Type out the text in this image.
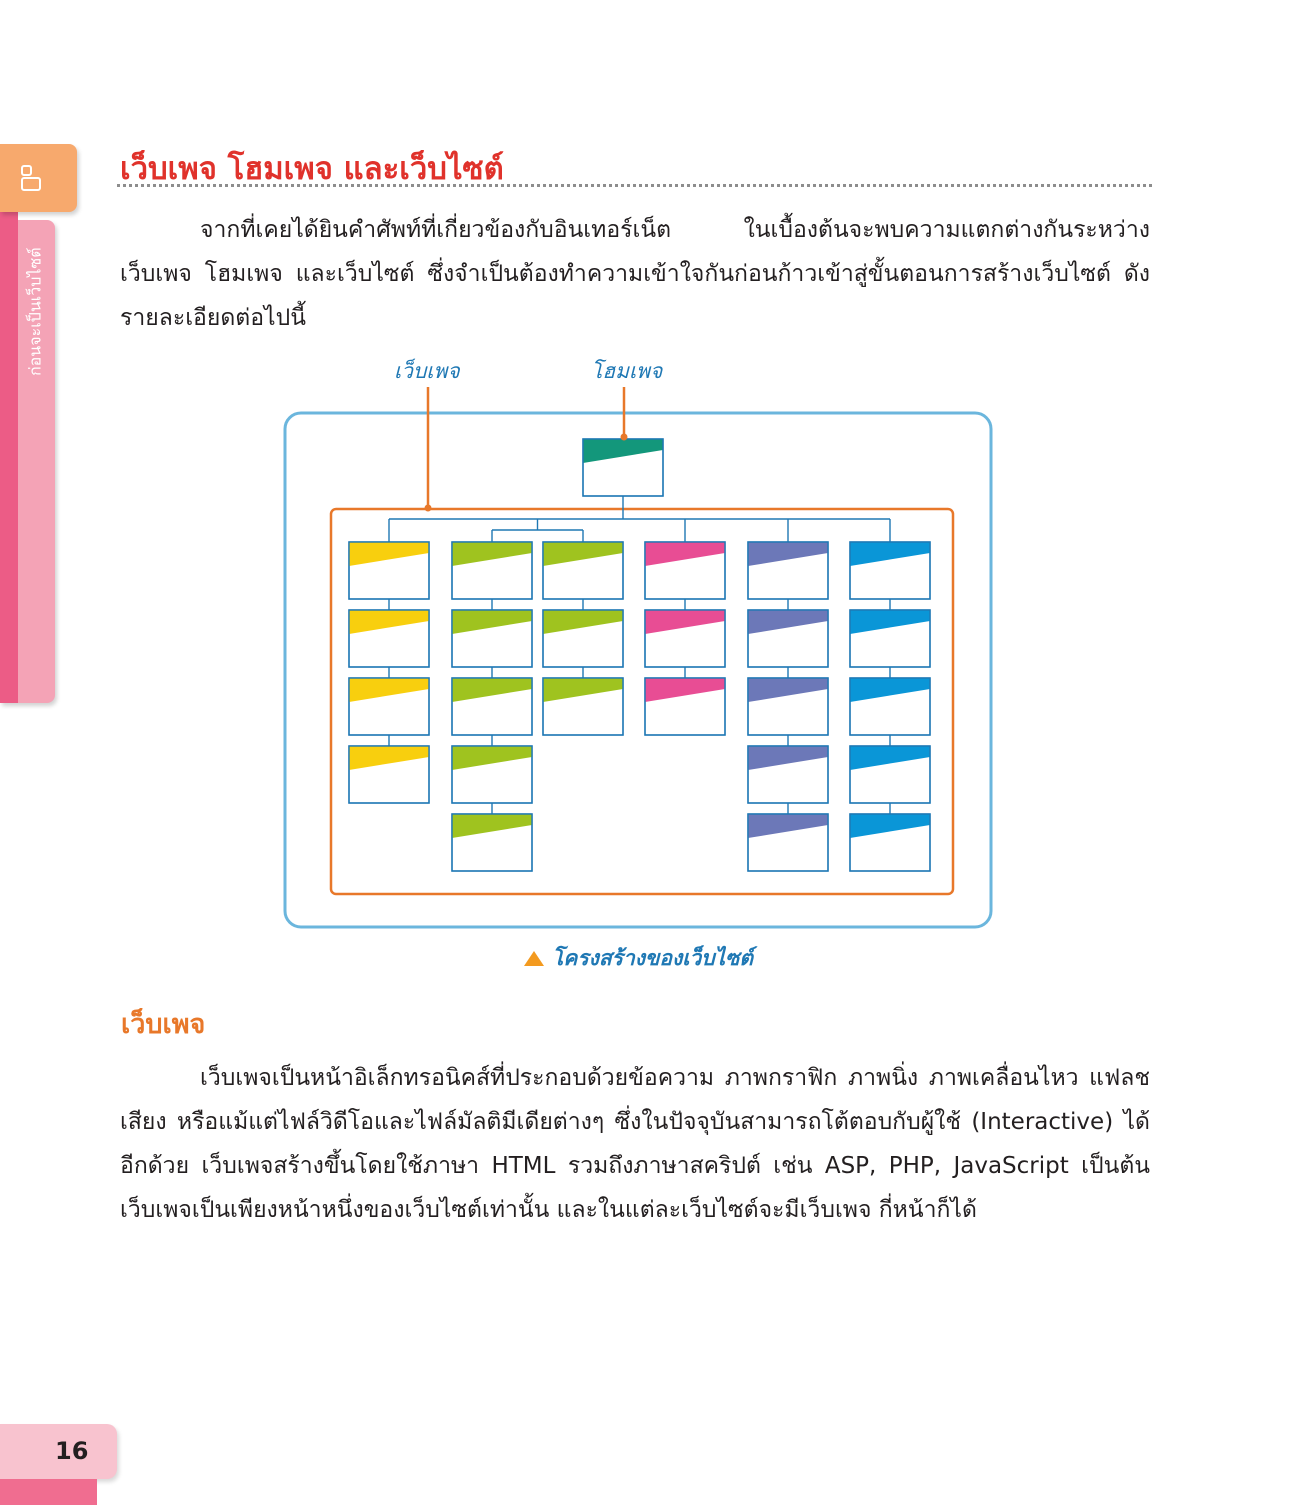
ก่อนจะเป็นเว็บไซต์
เว็บเพจ โฮมเพจ และเว็บไซต์
จากที่เคยได้ยินคำศัพท์ที่เกี่ยวข้องกับอินเทอร์เน็ต ในเบื้องต้นจะพบความแตกต่างกันระหว่าง เว็บเพจ โฮมเพจ และเว็บไซต์ ซึ่งจำเป็นต้องทำความเข้าใจกันก่อนก้าวเข้าสู่ขั้นตอนการสร้างเว็บไซต์ ดังรายละเอียดต่อไปนี้
เว็บเพจ	โฮมเพจ
โครงสร้างของเว็บไซต์
เว็บเพจ
เว็บเพจเป็นหน้าอิเล็กทรอนิคส์ที่ประกอบด้วยข้อความ ภาพกราฟิก ภาพนิ่ง ภาพเคลื่อนไหว แฟลช เสียง หรือแม้แต่ไฟล์วิดีโอและไฟล์มัลติมีเดียต่างๆ ซึ่งในปัจจุบันสามารถโต้ตอบกับผู้ใช้ (Interactive) ได้อีกด้วย เว็บเพจสร้างขึ้นโดยใช้ภาษา HTML รวมถึงภาษาสคริปต์ เช่น ASP, PHP, JavaScript เป็นต้น เว็บเพจเป็นเพียงหน้าหนึ่งของเว็บไซต์เท่านั้น และในแต่ละเว็บไซต์จะมีเว็บเพจ กี่หน้าก็ได้
16
